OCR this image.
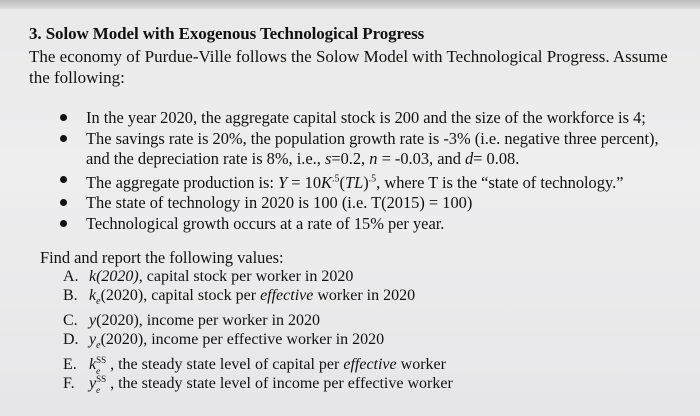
3. Solow Model with Exogenous Technological Progress
The economy of Purdue-Ville follows the Solow Model with Technological Progress. Assume the following:
In the year 2020, the aggregate capital stock is 200 and the size of the workforce is 4;
The savings rate is 20%, the population growth rate is -3% (i.e. negative three percent), and the depreciation rate is 8%, i.e., s=0.2, n = -0.03, and d= 0.08.
The aggregate production is: $Y = 10K^{.5}(TL)^{.5}$, where T is the “state of technology.”
The state of technology in 2020 is 100 (i.e. T(2015) = 100)
Technological growth occurs at a rate of 15% per year.
Find and report the following values:
A. k(2020), capital stock per worker in 2020
B. $k_e(2020)$, capital stock per effective worker in 2020
C. y(2020), income per worker in 2020
D. $y_e(2020)$, income per effective worker in 2020
E. k SS
e , the steady state level of capital per effective worker
F. y SS
e , the steady state level of income per effective worker
